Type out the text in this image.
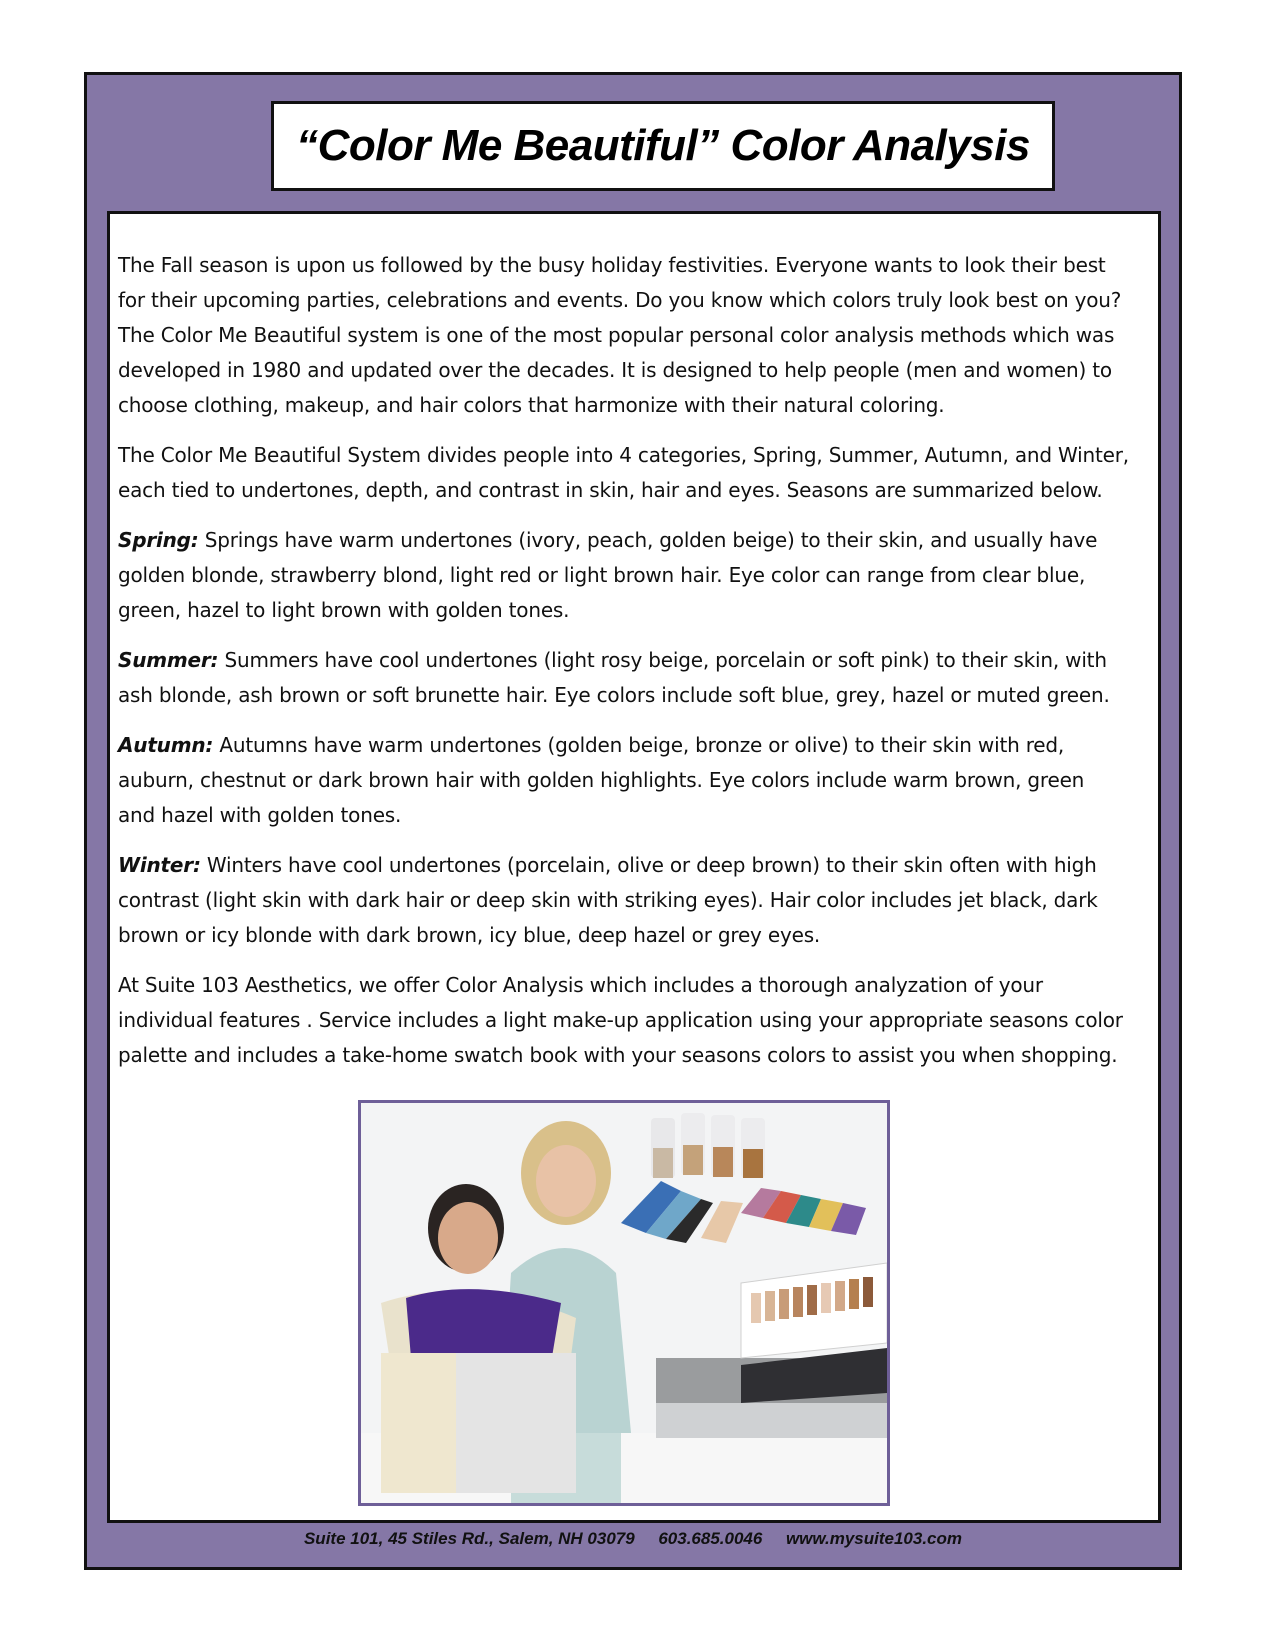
“Color Me Beautiful” Color Analysis

The Fall season is upon us followed by the busy holiday festivities. Everyone wants to look their best
for their upcoming parties, celebrations and events. Do you know which colors truly look best on you?
The Color Me Beautiful system is one of the most popular personal color analysis methods which was
developed in 1980 and updated over the decades. It is designed to help people (men and women) to
choose clothing, makeup, and hair colors that harmonize with their natural coloring.

The Color Me Beautiful System divides people into 4 categories, Spring, Summer, Autumn, and Winter,
each tied to undertones, depth, and contrast in skin, hair and eyes. Seasons are summarized below.

Spring: Springs have warm undertones (ivory, peach, golden beige) to their skin, and usually have
golden blonde, strawberry blond, light red or light brown hair. Eye color can range from clear blue,
green, hazel to light brown with golden tones.

Summer: Summers have cool undertones (light rosy beige, porcelain or soft pink) to their skin, with
ash blonde, ash brown or soft brunette hair. Eye colors include soft blue, grey, hazel or muted green.

Autumn: Autumns have warm undertones (golden beige, bronze or olive) to their skin with red,
auburn, chestnut or dark brown hair with golden highlights. Eye colors include warm brown, green
and hazel with golden tones.

Winter: Winters have cool undertones (porcelain, olive or deep brown) to their skin often with high
contrast (light skin with dark hair or deep skin with striking eyes). Hair color includes jet black, dark
brown or icy blonde with dark brown, icy blue, deep hazel or grey eyes.

At Suite 103 Aesthetics, we offer Color Analysis which includes a thorough analyzation of your
individual features . Service includes a light make-up application using your appropriate seasons color
palette and includes a take-home swatch book with your seasons colors to assist you when shopping.

Suite 101, 45 Stiles Rd., Salem, NH 03079 603.685.0046 www.mysuite103.com
